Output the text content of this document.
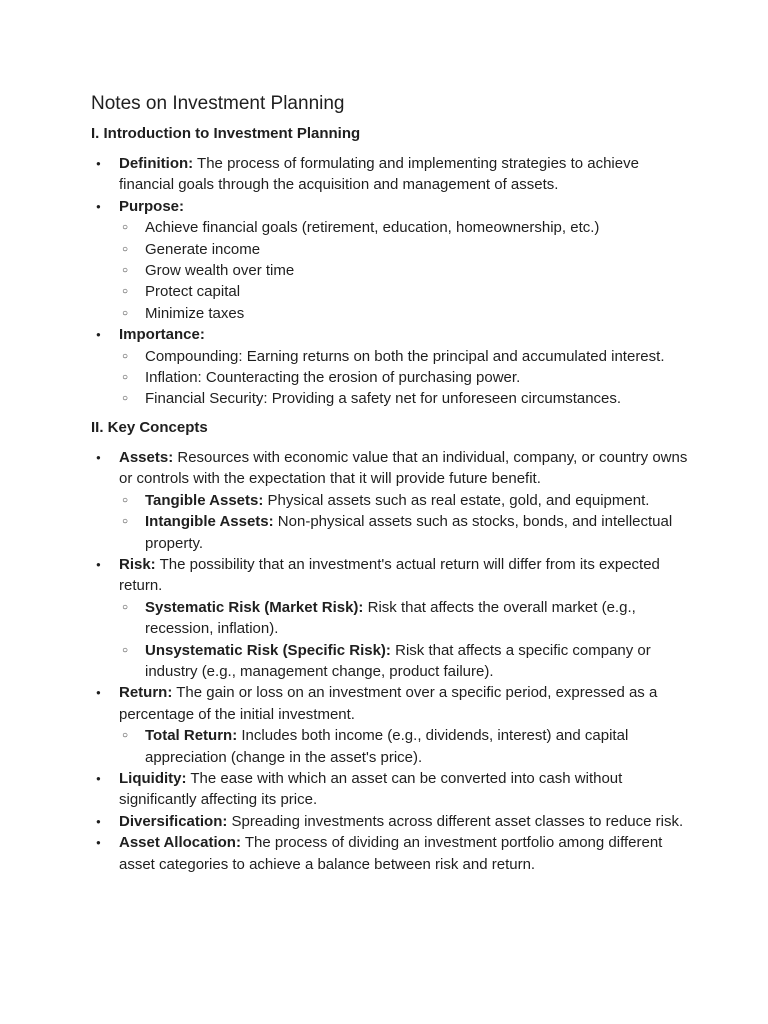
Notes on Investment Planning
I. Introduction to Investment Planning
● Definition: The process of formulating and implementing strategies to achieve financial goals through the acquisition and management of assets.
● Purpose:
○ Achieve financial goals (retirement, education, homeownership, etc.)
○ Generate income
○ Grow wealth over time
○ Protect capital
○ Minimize taxes
● Importance:
○ Compounding: Earning returns on both the principal and accumulated interest.
○ Inflation: Counteracting the erosion of purchasing power.
○ Financial Security: Providing a safety net for unforeseen circumstances.
II. Key Concepts
● Assets: Resources with economic value that an individual, company, or country owns or controls with the expectation that it will provide future benefit.
○ Tangible Assets: Physical assets such as real estate, gold, and equipment.
○ Intangible Assets: Non-physical assets such as stocks, bonds, and intellectual property.
● Risk: The possibility that an investment's actual return will differ from its expected return.
○ Systematic Risk (Market Risk): Risk that affects the overall market (e.g., recession, inflation).
○ Unsystematic Risk (Specific Risk): Risk that affects a specific company or industry (e.g., management change, product failure).
● Return: The gain or loss on an investment over a specific period, expressed as a percentage of the initial investment.
○ Total Return: Includes both income (e.g., dividends, interest) and capital appreciation (change in the asset's price).
● Liquidity: The ease with which an asset can be converted into cash without significantly affecting its price.
● Diversification: Spreading investments across different asset classes to reduce risk.
● Asset Allocation: The process of dividing an investment portfolio among different asset categories to achieve a balance between risk and return.
